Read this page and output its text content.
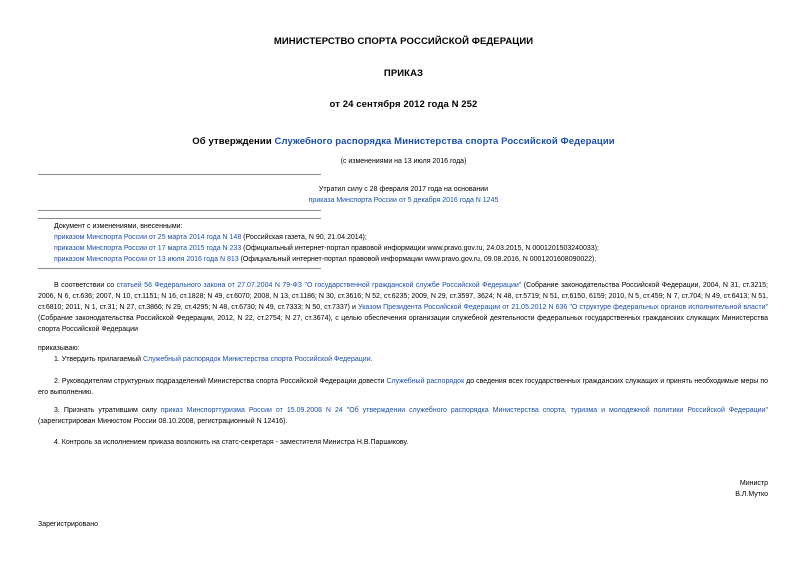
МИНИСТЕРСТВО СПОРТА РОССИЙСКОЙ ФЕДЕРАЦИИ
ПРИКАЗ
от 24 сентября 2012 года N 252
Об утверждении Служебного распорядка Министерства спорта Российской Федерации
(с изменениями на 13 июля 2016 года)
Утратил силу с 28 февраля 2017 года на основании
приказа Минспорта России от 5 декабря 2016 года N 1245
Документ с изменениями, внесенными:
приказом Минспорта России от 25 марта 2014 года N 148 (Российская газета, N 90, 21.04.2014);
приказом Минспорта России от 17 марта 2015 года N 233 (Официальный интернет-портал правовой информации www.pravo.gov.ru, 24.03.2015, N 0001201503240033);
приказом Минспорта России от 13 июля 2016 года N 813 (Официальный интернет-портал правовой информации www.pravo.gov.ru, 09.08.2016, N 0001201608090022).
В соответствии со статьей 56 Федерального закона от 27.07.2004 N 79-ФЗ "О государственной гражданской службе Российской Федерации" (Собрание законодательства Российской Федерации, 2004, N 31, ст.3215; 2006, N 6, ст.636; 2007, N 10, ст.1151; N 16, ст.1828; N 49, ст.6070; 2008, N 13, ст.1186; N 30, ст.3616; N 52, ст.6235; 2009, N 29, ст.3597, 3624; N 48, ст.5719; N 51, ст.6150, 6159; 2010, N 5, ст.459; N 7, ст.704; N 49, ст.6413; N 51, ст.6810; 2011, N 1, ст.31; N 27, ст.3866; N 29, ст.4295; N 48, ст.6730; N 49, ст.7333; N 50, ст.7337) и Указом Президента Российской Федерации от 21.05.2012 N 636 "О структуре федеральных органов исполнительной власти" (Собрание законодательства Российской Федерации, 2012, N 22, ст.2754; N 27, ст.3674), с целью обеспечения организации служебной деятельности федеральных государственных гражданских служащих Министерства спорта Российской Федерации
приказываю:
1. Утвердить прилагаемый Служебный распорядок Министерства спорта Российской Федерации.
2. Руководителям структурных подразделений Министерства спорта Российской Федерации довести Служебный распорядок до сведения всех государственных гражданских служащих и принять необходимые меры по его выполнению.
3. Признать утратившим силу приказ Минспорттуризма России от 15.09.2008 N 24 "Об утверждении служебного распорядка Министерства спорта, туризма и молодежной политики Российской Федерации" (зарегистрирован Минюстом России 08.10.2008, регистрационный N 12416).
4. Контроль за исполнением приказа возложить на статс-секретаря - заместителя Министра Н.В.Паршикову.
Министр
В.Л.Мутко
Зарегистрировано
